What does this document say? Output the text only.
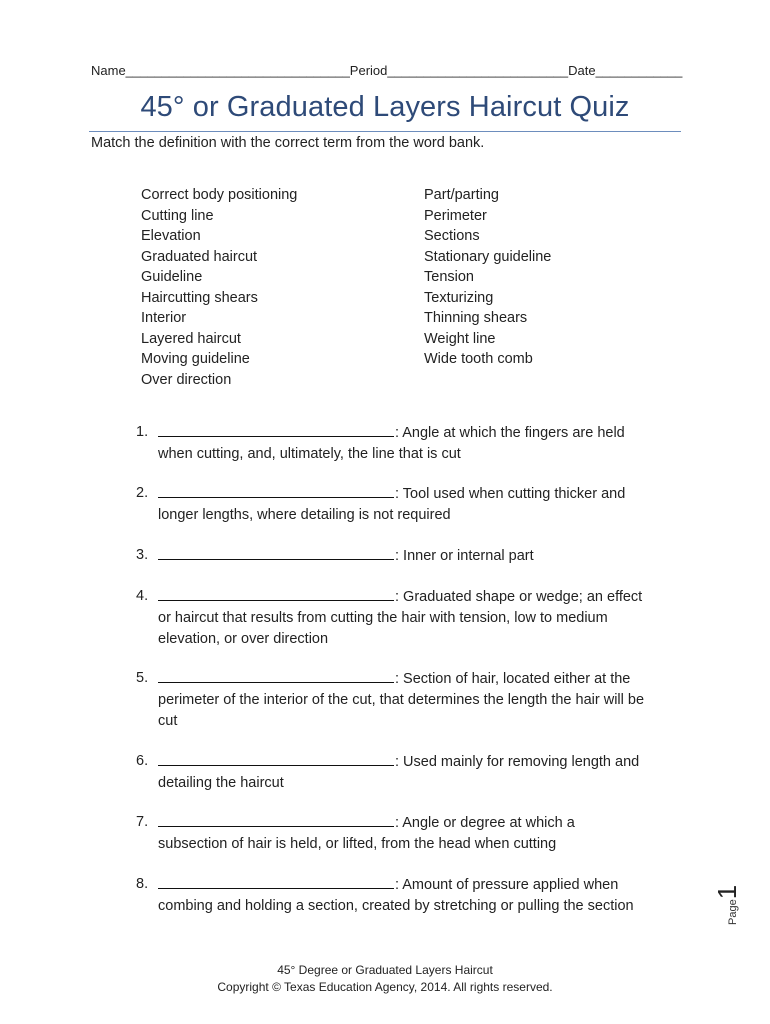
Name_______________________________Period_________________________Date____________
45° or Graduated Layers Haircut Quiz
Match the definition with the correct term from the word bank.
Correct body positioning
Cutting line
Elevation
Graduated haircut
Guideline
Haircutting shears
Interior
Layered haircut
Moving guideline
Over direction
Part/parting
Perimeter
Sections
Stationary guideline
Tension
Texturizing
Thinning shears
Weight line
Wide tooth comb
1.	: Angle at which the fingers are held
when cutting, and, ultimately, the line that is cut
2.	: Tool used when cutting thicker and
longer lengths, where detailing is not required
3.	: Inner or internal part
4.	: Graduated shape or wedge; an effect
or haircut that results from cutting the hair with tension, low to medium elevation, or over direction
5.	: Section of hair, located either at the
perimeter of the interior of the cut, that determines the length the hair will be cut
6.	: Used mainly for removing length and
detailing the haircut
7.	: Angle or degree at which a
subsection of hair is held, or lifted, from the head when cutting
8.	: Amount of pressure applied when
combing and holding a section, created by stretching or pulling the section	Page1
45° Degree or Graduated Layers Haircut
Copyright © Texas Education Agency, 2014. All rights reserved.
